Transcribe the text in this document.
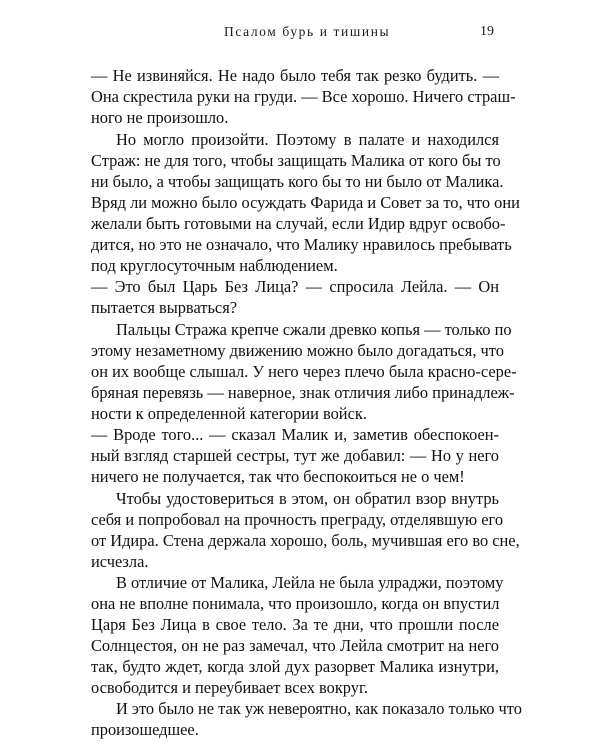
Псалом бурь и тишины	19
— Не извиняйся. Не надо было тебя так резко будить. —
Она скрестила руки на груди. — Все хорошо. Ничего страш-
ного не произошло.
Но могло произойти. Поэтому в палате и находился
Страж: не для того, чтобы защищать Малика от кого бы то
ни было, а чтобы защищать кого бы то ни было от Малика.
Вряд ли можно было осуждать Фарида и Совет за то, что они
желали быть готовыми на случай, если Идир вдруг освобо-
дится, но это не означало, что Малику нравилось пребывать
под круглосуточным наблюдением.
— Это был Царь Без Лица? — спросила Лейла. — Он
пытается вырваться?
Пальцы Стража крепче сжали древко копья — только по
этому незаметному движению можно было догадаться, что
он их вообще слышал. У него через плечо была красно-сере-
бряная перевязь — наверное, знак отличия либо принадлеж-
ности к определенной категории войск.
— Вроде того... — сказал Малик и, заметив обеспокоен-
ный взгляд старшей сестры, тут же добавил: — Но у него
ничего не получается, так что беспокоиться не о чем!
Чтобы удостовериться в этом, он обратил взор внутрь
себя и попробовал на прочность преграду, отделявшую его
от Идира. Стена держала хорошо, боль, мучившая его во сне,
исчезла.
В отличие от Малика, Лейла не была улраджи, поэтому
она не вполне понимала, что произошло, когда он впустил
Царя Без Лица в свое тело. За те дни, что прошли после
Солнцестоя, он не раз замечал, что Лейла смотрит на него
так, будто ждет, когда злой дух разорвет Малика изнутри,
освободится и переубивает всех вокруг.
И это было не так уж невероятно, как показало только что
произошедшее.
